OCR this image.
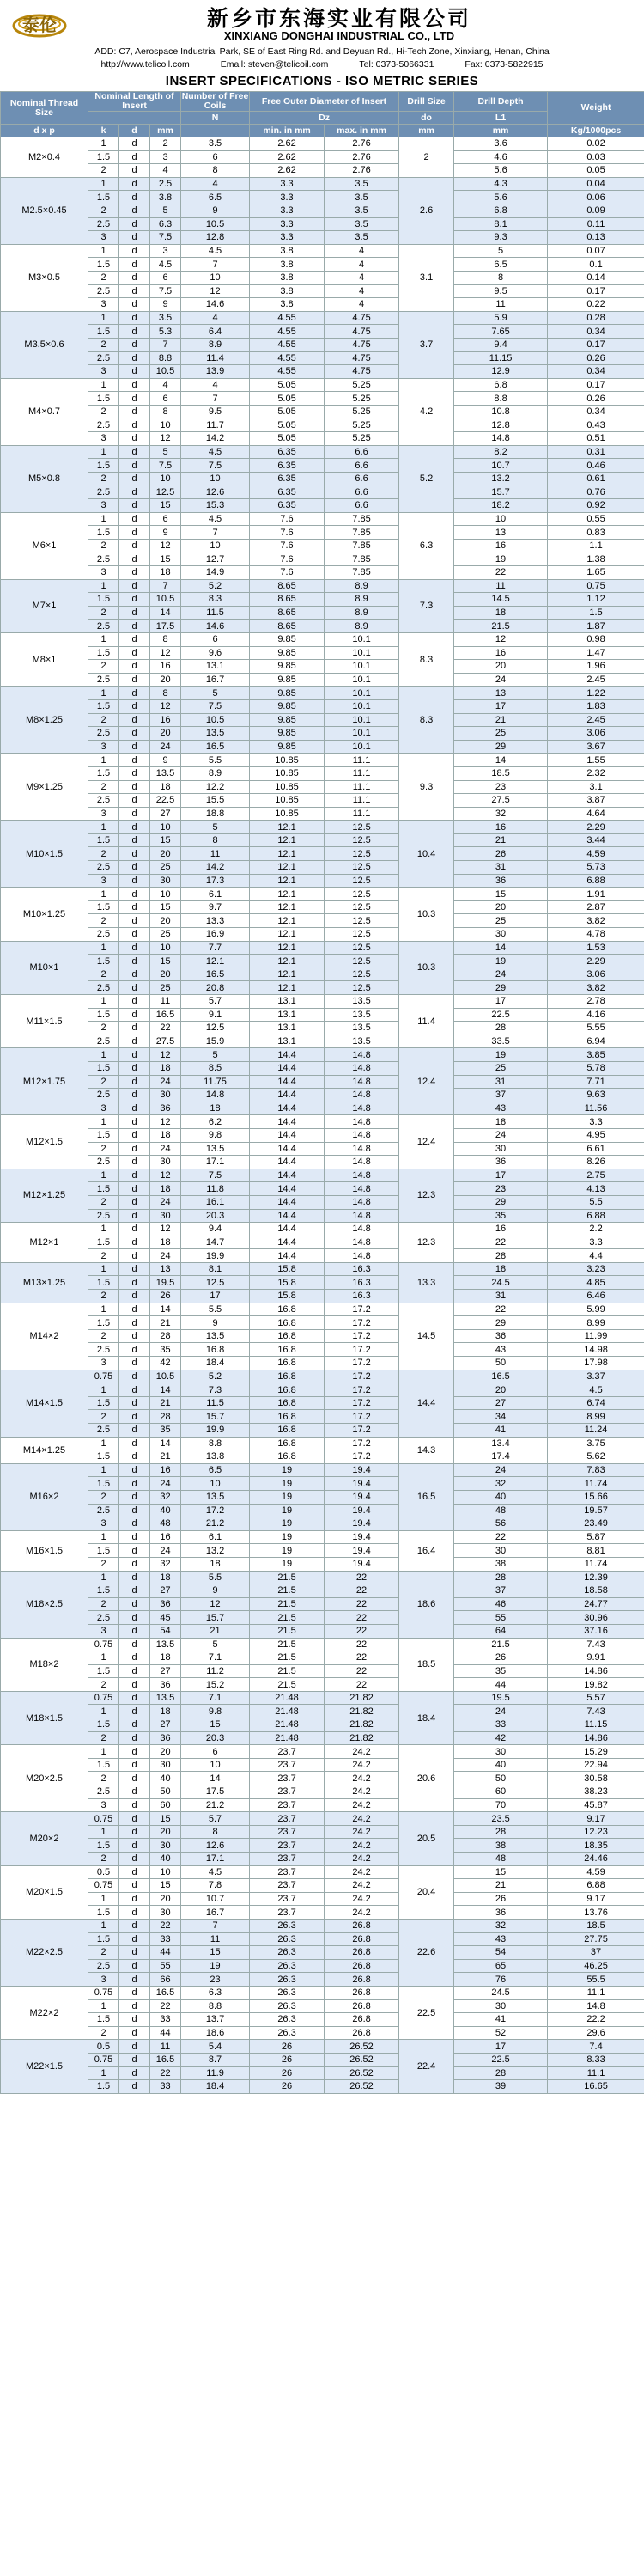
泰伦	新乡市东海实业有限公司
XINXIANG DONGHAI INDUSTRIAL CO., LTD
ADD: C7, Aerospace Industrial Park, SE of East Ring Rd. and Deyuan Rd., Hi-Tech Zone, Xinxiang, Henan, China
http://www.telicoil.com	Email: steven@telicoil.com	Tel: 0373-5066331	Fax: 0373-5822915
INSERT SPECIFICATIONS - ISO METRIC SERIES
Nominal Thread Size	Nominal Length of Insert			Number of Free Coils	Free Outer Diameter of Insert		Drill Size	Drill Depth	Weight
				N	Dz		do	L1	
d x p	k	d	mm		min. in mm	max. in mm	mm	mm	Kg/1000pcs
M2×0.4	1	d	2	3.5	2.62	2.76	2	3.6	0.02
	1.5	d	3	6	2.62	2.76		4.6	0.03
	2	d	4	8	2.62	2.76		5.6	0.05
M2.5×0.45	1	d	2.5	4	3.3	3.5	2.6	4.3	0.04
	1.5	d	3.8	6.5	3.3	3.5		5.6	0.06
	2	d	5	9	3.3	3.5		6.8	0.09
	2.5	d	6.3	10.5	3.3	3.5		8.1	0.11
	3	d	7.5	12.8	3.3	3.5		9.3	0.13
M3×0.5	1	d	3	4.5	3.8	4	3.1	5	0.07
	1.5	d	4.5	7	3.8	4		6.5	0.1
	2	d	6	10	3.8	4		8	0.14
	2.5	d	7.5	12	3.8	4		9.5	0.17
	3	d	9	14.6	3.8	4		11	0.22
M3.5×0.6	1	d	3.5	4	4.55	4.75	3.7	5.9	0.28
	1.5	d	5.3	6.4	4.55	4.75		7.65	0.34
	2	d	7	8.9	4.55	4.75		9.4	0.17
	2.5	d	8.8	11.4	4.55	4.75		11.15	0.26
	3	d	10.5	13.9	4.55	4.75		12.9	0.34
M4×0.7	1	d	4	4	5.05	5.25	4.2	6.8	0.17
	1.5	d	6	7	5.05	5.25		8.8	0.26
	2	d	8	9.5	5.05	5.25		10.8	0.34
	2.5	d	10	11.7	5.05	5.25		12.8	0.43
	3	d	12	14.2	5.05	5.25		14.8	0.51
M5×0.8	1	d	5	4.5	6.35	6.6	5.2	8.2	0.31
	1.5	d	7.5	7.5	6.35	6.6		10.7	0.46
	2	d	10	10	6.35	6.6		13.2	0.61
	2.5	d	12.5	12.6	6.35	6.6		15.7	0.76
	3	d	15	15.3	6.35	6.6		18.2	0.92
M6×1	1	d	6	4.5	7.6	7.85	6.3	10	0.55
	1.5	d	9	7	7.6	7.85		13	0.83
	2	d	12	10	7.6	7.85		16	1.1
	2.5	d	15	12.7	7.6	7.85		19	1.38
	3	d	18	14.9	7.6	7.85		22	1.65
M7×1	1	d	7	5.2	8.65	8.9	7.3	11	0.75
	1.5	d	10.5	8.3	8.65	8.9		14.5	1.12
	2	d	14	11.5	8.65	8.9		18	1.5
	2.5	d	17.5	14.6	8.65	8.9		21.5	1.87
M8×1	1	d	8	6	9.85	10.1	8.3	12	0.98
	1.5	d	12	9.6	9.85	10.1		16	1.47
	2	d	16	13.1	9.85	10.1		20	1.96
	2.5	d	20	16.7	9.85	10.1		24	2.45
M8×1.25	1	d	8	5	9.85	10.1	8.3	13	1.22
	1.5	d	12	7.5	9.85	10.1		17	1.83
	2	d	16	10.5	9.85	10.1		21	2.45
	2.5	d	20	13.5	9.85	10.1		25	3.06
	3	d	24	16.5	9.85	10.1		29	3.67
M9×1.25	1	d	9	5.5	10.85	11.1	9.3	14	1.55
	1.5	d	13.5	8.9	10.85	11.1		18.5	2.32
	2	d	18	12.2	10.85	11.1		23	3.1
	2.5	d	22.5	15.5	10.85	11.1		27.5	3.87
	3	d	27	18.8	10.85	11.1		32	4.64
M10×1.5	1	d	10	5	12.1	12.5	10.4	16	2.29
	1.5	d	15	8	12.1	12.5		21	3.44
	2	d	20	11	12.1	12.5		26	4.59
	2.5	d	25	14.2	12.1	12.5		31	5.73
	3	d	30	17.3	12.1	12.5		36	6.88
M10×1.25	1	d	10	6.1	12.1	12.5	10.3	15	1.91
	1.5	d	15	9.7	12.1	12.5		20	2.87
	2	d	20	13.3	12.1	12.5		25	3.82
	2.5	d	25	16.9	12.1	12.5		30	4.78
M10×1	1	d	10	7.7	12.1	12.5	10.3	14	1.53
	1.5	d	15	12.1	12.1	12.5		19	2.29
	2	d	20	16.5	12.1	12.5		24	3.06
	2.5	d	25	20.8	12.1	12.5		29	3.82
M11×1.5	1	d	11	5.7	13.1	13.5	11.4	17	2.78
	1.5	d	16.5	9.1	13.1	13.5		22.5	4.16
	2	d	22	12.5	13.1	13.5		28	5.55
	2.5	d	27.5	15.9	13.1	13.5		33.5	6.94
M12×1.75	1	d	12	5	14.4	14.8	12.4	19	3.85
	1.5	d	18	8.5	14.4	14.8		25	5.78
	2	d	24	11.75	14.4	14.8		31	7.71
	2.5	d	30	14.8	14.4	14.8		37	9.63
	3	d	36	18	14.4	14.8		43	11.56
M12×1.5	1	d	12	6.2	14.4	14.8	12.4	18	3.3
	1.5	d	18	9.8	14.4	14.8		24	4.95
	2	d	24	13.5	14.4	14.8		30	6.61
	2.5	d	30	17.1	14.4	14.8		36	8.26
M12×1.25	1	d	12	7.5	14.4	14.8	12.3	17	2.75
	1.5	d	18	11.8	14.4	14.8		23	4.13
	2	d	24	16.1	14.4	14.8		29	5.5
	2.5	d	30	20.3	14.4	14.8		35	6.88
M12×1	1	d	12	9.4	14.4	14.8	12.3	16	2.2
	1.5	d	18	14.7	14.4	14.8		22	3.3
	2	d	24	19.9	14.4	14.8		28	4.4
M13×1.25	1	d	13	8.1	15.8	16.3	13.3	18	3.23
	1.5	d	19.5	12.5	15.8	16.3		24.5	4.85
	2	d	26	17	15.8	16.3		31	6.46
M14×2	1	d	14	5.5	16.8	17.2	14.5	22	5.99
	1.5	d	21	9	16.8	17.2		29	8.99
	2	d	28	13.5	16.8	17.2		36	11.99
	2.5	d	35	16.8	16.8	17.2		43	14.98
	3	d	42	18.4	16.8	17.2		50	17.98
M14×1.5	0.75	d	10.5	5.2	16.8	17.2	14.4	16.5	3.37
	1	d	14	7.3	16.8	17.2		20	4.5
	1.5	d	21	11.5	16.8	17.2		27	6.74
	2	d	28	15.7	16.8	17.2		34	8.99
	2.5	d	35	19.9	16.8	17.2		41	11.24
M14×1.25	1	d	14	8.8	16.8	17.2	14.3	13.4	3.75
	1.5	d	21	13.8	16.8	17.2		17.4	5.62
M16×2	1	d	16	6.5	19	19.4	16.5	24	7.83
	1.5	d	24	10	19	19.4		32	11.74
	2	d	32	13.5	19	19.4		40	15.66
	2.5	d	40	17.2	19	19.4		48	19.57
	3	d	48	21.2	19	19.4		56	23.49
M16×1.5	1	d	16	6.1	19	19.4	16.4	22	5.87
	1.5	d	24	13.2	19	19.4		30	8.81
	2	d	32	18	19	19.4		38	11.74
M18×2.5	1	d	18	5.5	21.5	22	18.6	28	12.39
	1.5	d	27	9	21.5	22		37	18.58
	2	d	36	12	21.5	22		46	24.77
	2.5	d	45	15.7	21.5	22		55	30.96
	3	d	54	21	21.5	22		64	37.16
M18×2	0.75	d	13.5	5	21.5	22	18.5	21.5	7.43
	1	d	18	7.1	21.5	22		26	9.91
	1.5	d	27	11.2	21.5	22		35	14.86
	2	d	36	15.2	21.5	22		44	19.82
M18×1.5	0.75	d	13.5	7.1	21.48	21.82	18.4	19.5	5.57
	1	d	18	9.8	21.48	21.82		24	7.43
	1.5	d	27	15	21.48	21.82		33	11.15
	2	d	36	20.3	21.48	21.82		42	14.86
M20×2.5	1	d	20	6	23.7	24.2	20.6	30	15.29
	1.5	d	30	10	23.7	24.2		40	22.94
	2	d	40	14	23.7	24.2		50	30.58
	2.5	d	50	17.5	23.7	24.2		60	38.23
	3	d	60	21.2	23.7	24.2		70	45.87
M20×2	0.75	d	15	5.7	23.7	24.2	20.5	23.5	9.17
	1	d	20	8	23.7	24.2		28	12.23
	1.5	d	30	12.6	23.7	24.2		38	18.35
	2	d	40	17.1	23.7	24.2		48	24.46
M20×1.5	0.5	d	10	4.5	23.7	24.2	20.4	15	4.59
	0.75	d	15	7.8	23.7	24.2		21	6.88
	1	d	20	10.7	23.7	24.2		26	9.17
	1.5	d	30	16.7	23.7	24.2		36	13.76
M22×2.5	1	d	22	7	26.3	26.8	22.6	32	18.5
	1.5	d	33	11	26.3	26.8		43	27.75
	2	d	44	15	26.3	26.8		54	37
	2.5	d	55	19	26.3	26.8		65	46.25
	3	d	66	23	26.3	26.8		76	55.5
M22×2	0.75	d	16.5	6.3	26.3	26.8	22.5	24.5	11.1
	1	d	22	8.8	26.3	26.8		30	14.8
	1.5	d	33	13.7	26.3	26.8		41	22.2
	2	d	44	18.6	26.3	26.8		52	29.6
M22×1.5	0.5	d	11	5.4	26	26.52	22.4	17	7.4
	0.75	d	16.5	8.7	26	26.52		22.5	8.33
	1	d	22	11.9	26	26.52		28	11.1
	1.5	d	33	18.4	26	26.52		39	16.65
